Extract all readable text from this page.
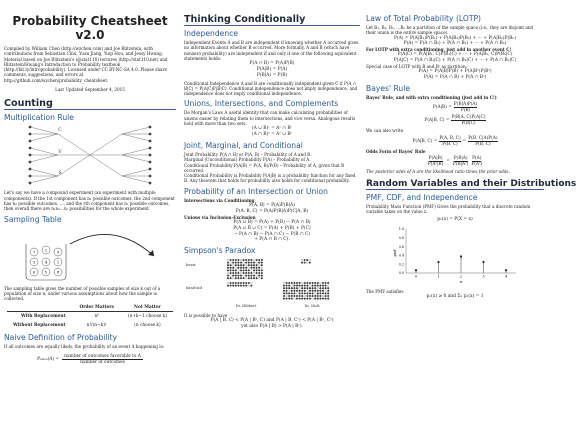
Probability Cheatsheet v2.0

Compiled by William Chen (http://wzchen.com) and Joe Blitzstein, with contributions from Sebastian Chiu, Yuan Jiang, Yuqi Hou, and Jessy Hwang. Material based on Joe Blitzstein's (@stat110) lectures (http://stat110.net) and Blitzstein/Hwang's Introduction to Probability textbook (http://bit.ly/introprobability). Licensed under CC BY-NC-SA 4.0. Please share comments, suggestions, and errors at http://github.com/wzchen/probability_cheatsheet.

Last Updated September 4, 2015

Counting
Multiplication Rule
C
V
S

Let's say we have a compound experiment (an experiment with multiple components). If the 1st component has n₁ possible outcomes, the 2nd component has n₂ possible outcomes, …, and the rth component has nᵣ possible outcomes, then overall there are n₁n₂…nᵣ possibilities for the whole experiment.

Sampling Table
7 2 9
3 4 1
6 5 8

The sampling table gives the number of possible samples of size k out of a population of size n, under various assumptions about how the sample is collected.

	Order Matters	Not Matter
With Replacement	nᵏ	(n+k−1 choose k)
Without Replacement	n!/(n−k)!	(n choose k)
Naive Definition of Probability

If all outcomes are equally likely, the probability of an event A happening is:

Pₙₐᵢᵥₑ(A) =
number of outcomes favorable to A
number of outcomes
Thinking Conditionally
Independence

Independent Events A and B are independent if knowing whether A occurred gives no information about whether B occurred. More formally, A and B (which have nonzero probability) are independent if and only if one of the following equivalent statements holds:

P(A ∩ B) = P(A)P(B)
P(A|B) = P(A)
P(B|A) = P(B)

Conditional Independence A and B are conditionally independent given C if P(A ∩ B|C) = P(A|C)P(B|C). Conditional independence does not imply independence, and independence does not imply conditional independence.

Unions, Intersections, and Complements

De Morgan's Laws A useful identity that can make calculating probabilities of unions easier by relating them to intersections, and vice versa. Analogous results hold with more than two sets.

(A ∪ B)ᶜ = Aᶜ ∩ Bᶜ
(A ∩ B)ᶜ = Aᶜ ∪ Bᶜ
Joint, Marginal, and Conditional

Joint Probability P(A ∩ B) or P(A, B) – Probability of A and B.

Marginal (Unconditional) Probability P(A) – Probability of A.

Conditional Probability P(A|B) = P(A, B)/P(B) – Probability of A, given that B occurred.

Conditional Probability is Probability P(A|B) is a probability function for any fixed B. Any theorem that holds for probability also holds for conditional probability.

Probability of an Intersection or Union

Intersections via Conditioning

P(A, B) = P(A)P(B|A)
P(A, B, C) = P(A)P(B|A)P(C|A, B)

Unions via Inclusion-Exclusion

P(A ∪ B) = P(A) + P(B) − P(A ∩ B)
P(A ∪ B ∪ C) = P(A) + P(B) + P(C)
− P(A ∩ B) − P(A ∩ C) − P(B ∩ C)
+ P(A ∩ B ∩ C).
Simpson's Paradox
heart
band-aid
Dr. Hibbert	Dr. Nick

It is possible to have

P(A | B, C) < P(A | Bᶜ, C) and P(A | B, Cᶜ) < P(A | Bᶜ, Cᶜ)
yet also P(A | B) > P(A | Bᶜ).
Law of Total Probability (LOTP)

Let B₁, B₂, B₃, …Bₙ be a partition of the sample space (i.e., they are disjoint and their union is the entire sample space).

P(A) = P(A|B₁)P(B₁) + P(A|B₂)P(B₂) + ··· + P(A|Bₙ)P(Bₙ)
P(A) = P(A ∩ B₁) + P(A ∩ B₂) + ··· + P(A ∩ Bₙ)

For LOTP with extra conditioning, just add in another event C!

P(A|C) = P(A|B₁, C)P(B₁|C) + ··· + P(A|Bₙ, C)P(Bₙ|C)
P(A|C) = P(A ∩ B₁|C) + P(A ∩ B₂|C) + ··· + P(A ∩ Bₙ|C)

Special case of LOTP with B and Bᶜ as partition:

P(A) = P(A|B)P(B) + P(A|Bᶜ)P(Bᶜ)
P(A) = P(A ∩ B) + P(A ∩ Bᶜ)
Bayes' Rule

Bayes' Rule, and with extra conditioning (just add in C!)

$P(A|B) = \frac{P(B|A)P(A)}{P(B)}$
P(A|B, $C) = \frac{P(B|A, C)P(A|C)}{P(B|C)}$

We can also write

P(A|B, $C) = \frac{P(A, B, C)}{P(B, C)} = \frac{P(B, C|A)P(A)}{P(B, C)}$

Odds Form of Bayes' Rule

$\frac{P(A|B)}{\text{P(Aᶜ|B)}} = \frac{P(B|A)}{\text{P(B|Aᶜ)}} \frac{P(A)}{\text{P(Aᶜ)}}$

The posterior odds of A are the likelihood ratio times the prior odds.

Random Variables and their Distributions
PMF, CDF, and Independence

Probability Mass Function (PMF) Gives the probability that a discrete random variable takes on the value x.

pₓ(x) = P(X = x)
pmf
x
0.0
0.2
0.4
0.6
0.8
1.0
0	1	2	3	4

The PMF satisfies

pₓ(x) ≥ 0 and Σₓ pₓ(x) = 1
